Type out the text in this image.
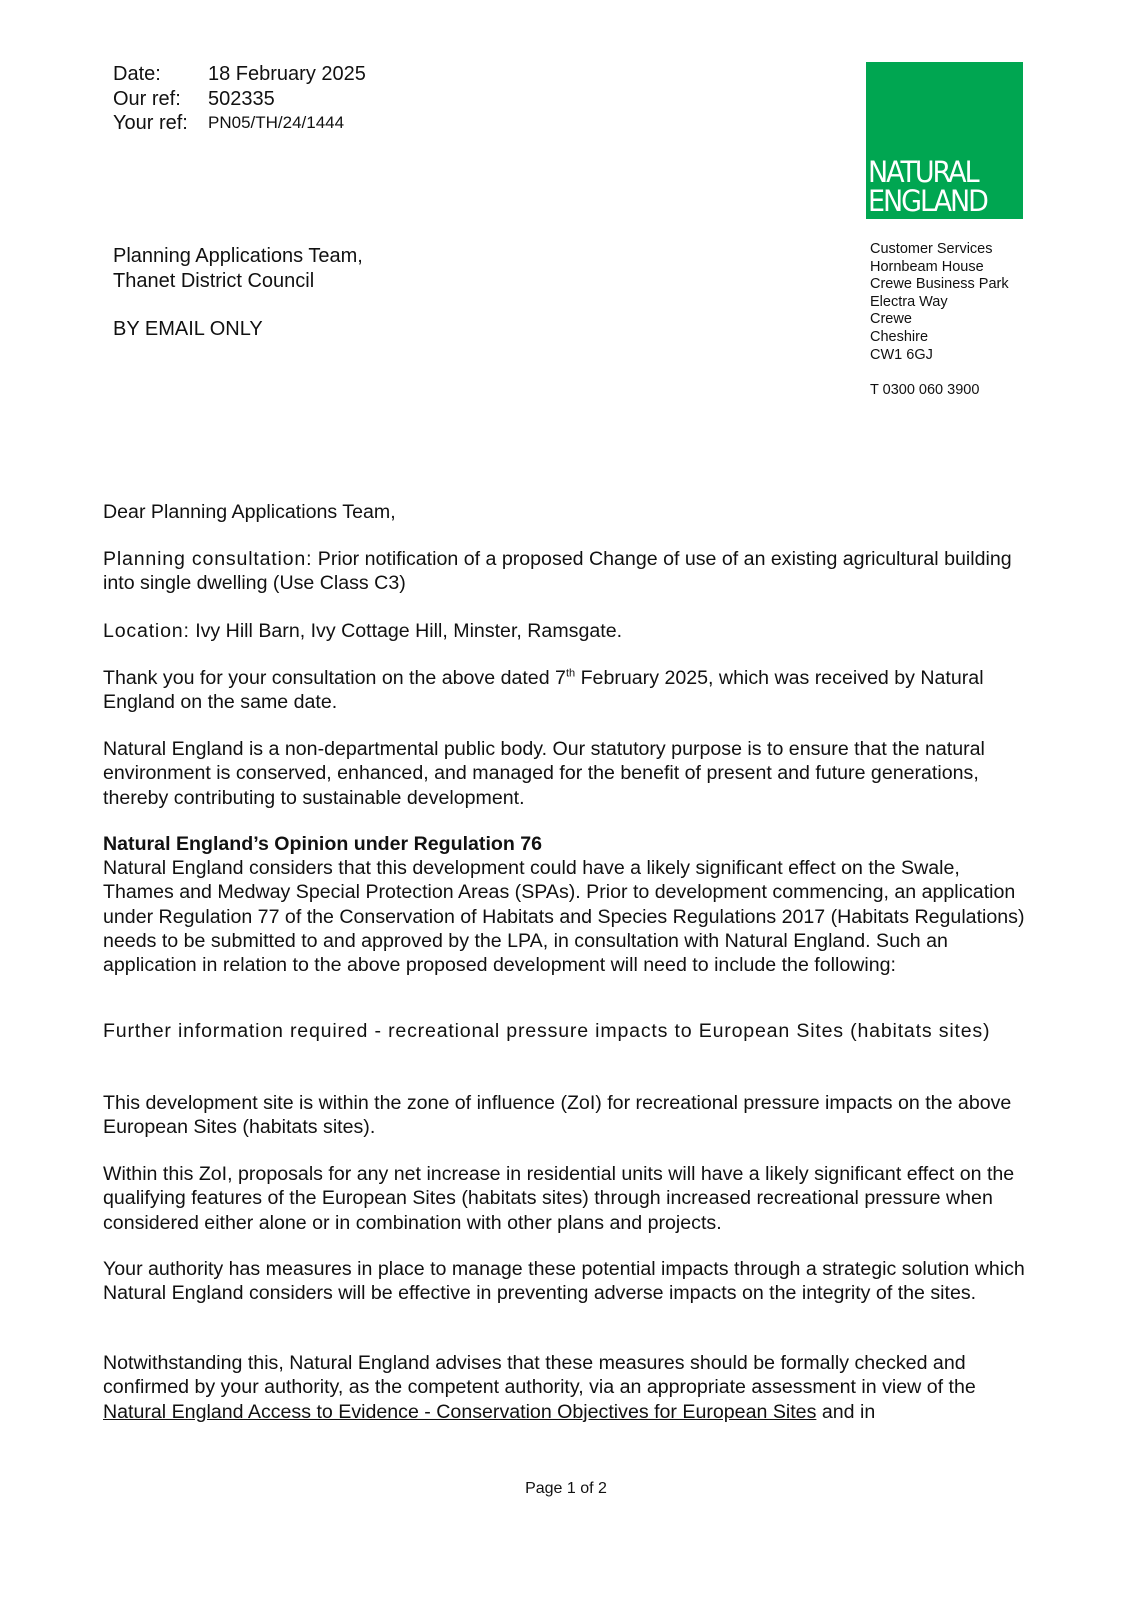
Date:	18 February 2025
Our ref:	502335
Your ref:	PN05/TH/24/1444
NATURAL
ENGLAND
Planning Applications Team,
Thanet District Council
BY EMAIL ONLY
Customer Services
Hornbeam House
Crewe Business Park
Electra Way
Crewe
Cheshire
CW1 6GJ
T 0300 060 3900
Dear Planning Applications Team,
Planning consultation: Prior notification of a proposed Change of use of an existing agricultural building into single dwelling (Use Class C3)
Location: Ivy Hill Barn, Ivy Cottage Hill, Minster, Ramsgate.
Thank you for your consultation on the above dated 7th February 2025, which was received by Natural England on the same date.
Natural England is a non-departmental public body. Our statutory purpose is to ensure that the natural environment is conserved, enhanced, and managed for the benefit of present and future generations, thereby contributing to sustainable development.
Natural England’s Opinion under Regulation 76
Natural England considers that this development could have a likely significant effect on the Swale, Thames and Medway Special Protection Areas (SPAs). Prior to development commencing, an application under Regulation 77 of the Conservation of Habitats and Species Regulations 2017 (Habitats Regulations) needs to be submitted to and approved by the LPA, in consultation with Natural England. Such an application in relation to the above proposed development will need to include the following:
Further information required - recreational pressure impacts to European Sites (habitats sites)
This development site is within the zone of influence (ZoI) for recreational pressure impacts on the above European Sites (habitats sites).
Within this ZoI, proposals for any net increase in residential units will have a likely significant effect on the qualifying features of the European Sites (habitats sites) through increased recreational pressure when considered either alone or in combination with other plans and projects.
Your authority has measures in place to manage these potential impacts through a strategic solution which Natural England considers will be effective in preventing adverse impacts on the integrity of the sites.
Notwithstanding this, Natural England advises that these measures should be formally checked and confirmed by your authority, as the competent authority, via an appropriate assessment in view of the Natural England Access to Evidence - Conservation Objectives for European Sites and in
Page 1 of 2
